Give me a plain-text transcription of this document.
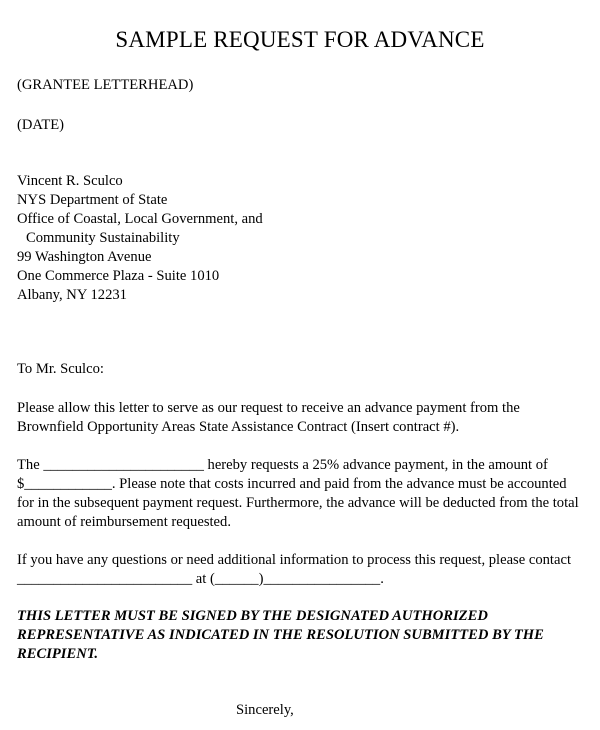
SAMPLE REQUEST FOR ADVANCE
(GRANTEE LETTERHEAD)
(DATE)
Vincent R. Sculco
NYS Department of State
Office of Coastal, Local Government, and
Community Sustainability
99 Washington Avenue
One Commerce Plaza - Suite 1010
Albany, NY 12231
To Mr. Sculco:
Please allow this letter to serve as our request to receive an advance payment from the
Brownfield Opportunity Areas State Assistance Contract (Insert contract #).
The ______________________ hereby requests a 25% advance payment, in the amount of
$____________. Please note that costs incurred and paid from the advance must be accounted
for in the subsequent payment request. Furthermore, the advance will be deducted from the total
amount of reimbursement requested.
If you have any questions or need additional information to process this request, please contact
________________________ at (______)________________.
THIS LETTER MUST BE SIGNED BY THE DESIGNATED AUTHORIZED
REPRESENTATIVE AS INDICATED IN THE RESOLUTION SUBMITTED BY THE
RECIPIENT.
Sincerely,
